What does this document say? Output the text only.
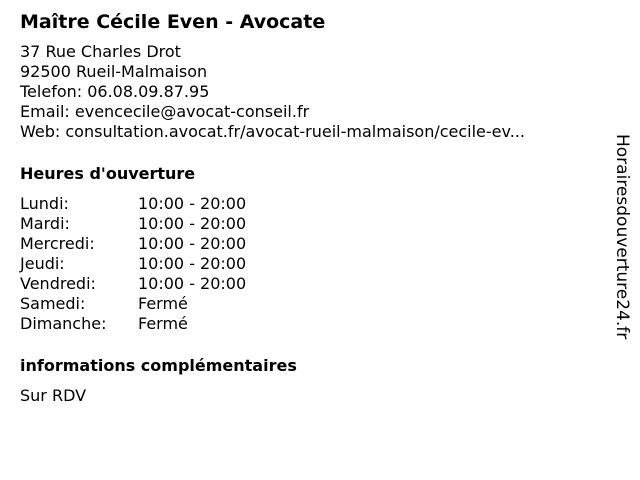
Maître Cécile Even - Avocate
37 Rue Charles Drot
92500 Rueil-Malmaison
Telefon: 06.08.09.87.95
Email: evencecile@avocat-conseil.fr
Web: consultation.avocat.fr/avocat-rueil-malmaison/cecile-ev...
Heures d'ouverture
Lundi:	10:00 - 20:00
Mardi:	10:00 - 20:00
Mercredi:	10:00 - 20:00
Jeudi:	10:00 - 20:00
Vendredi:	10:00 - 20:00
Samedi:	Fermé
Dimanche:	Fermé
informations complémentaires
Sur RDV
Horairesdouverture24.fr
